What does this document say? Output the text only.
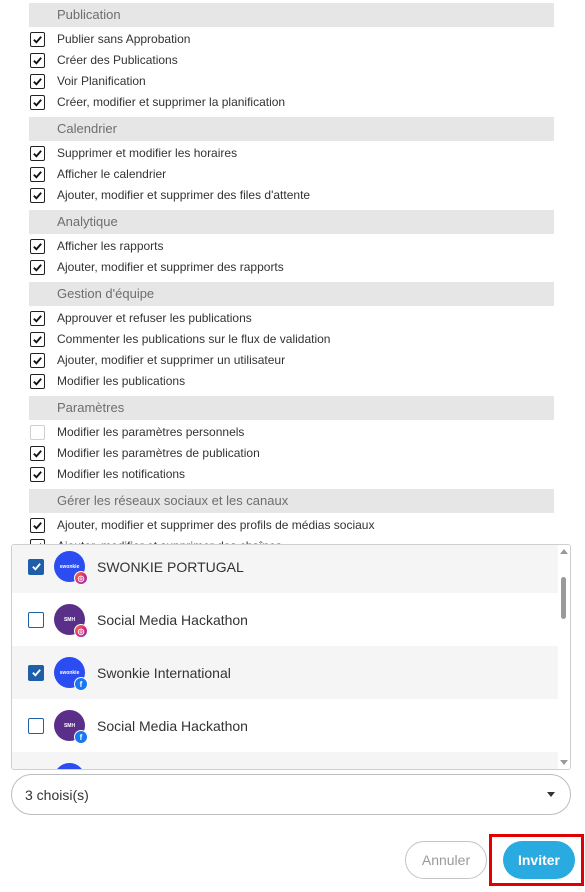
Publication
Publier sans Approbation
Créer des Publications
Voir Planification
Créer, modifier et supprimer la planification
Calendrier
Supprimer et modifier les horaires
Afficher le calendrier
Ajouter, modifier et supprimer des files d'attente
Analytique
Afficher les rapports
Ajouter, modifier et supprimer des rapports
Gestion d'équipe
Approuver et refuser les publications
Commenter les publications sur le flux de validation
Ajouter, modifier et supprimer un utilisateur
Modifier les publications
Paramètres
Modifier les paramètres personnels
Modifier les paramètres de publication
Modifier les notifications
Gérer les réseaux sociaux et les canaux
Ajouter, modifier et supprimer des profils de médias sociaux
SMH
f
Social Media Hackathon
swonkie
f
Swonkie International
SMH
◎
Social Media Hackathon
swonkie
◎
SWONKIE PORTUGAL
3 choisi(s)
Annuler	Inviter
